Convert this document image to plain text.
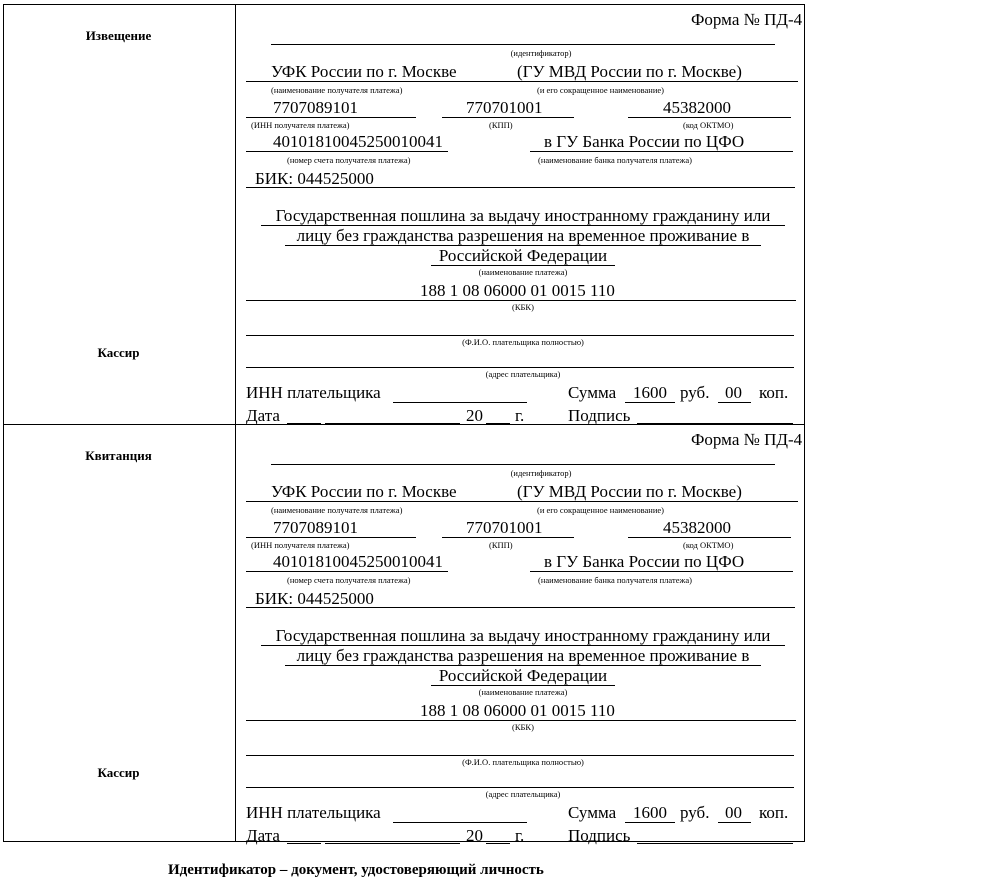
Извещение
Кассир
Форма № ПД-4
(идентификатор)
УФК России по г. Москве	(ГУ МВД России по г. Москве)
(наименование получателя платежа)	(и его сокращенное наименование)
7707089101	770701001	45382000
(ИНН получателя платежа)	(КПП)	(код ОКТМО)
40101810045250010041	в ГУ Банка России по ЦФО
(номер счета получателя платежа)	(наименование банка получателя платежа)
БИК: 044525000
Государственная пошлина за выдачу иностранному гражданину или
лицу без гражданства разрешения на временное проживание в
Российской Федерации
(наименование платежа)
188 1 08 06000 01 0015 110
(КБК)
(Ф.И.О. плательщика полностью)
(адрес плательщика)
ИНН плательщика	Сумма 1600 руб. 00 коп.
Дата	20 г.	Подпись
Квитанция
Кассир
Форма № ПД-4
(идентификатор)
УФК России по г. Москве	(ГУ МВД России по г. Москве)
(наименование получателя платежа)	(и его сокращенное наименование)
7707089101	770701001	45382000
(ИНН получателя платежа)	(КПП)	(код ОКТМО)
40101810045250010041	в ГУ Банка России по ЦФО
(номер счета получателя платежа)	(наименование банка получателя платежа)
БИК: 044525000
Государственная пошлина за выдачу иностранному гражданину или
лицу без гражданства разрешения на временное проживание в
Российской Федерации
(наименование платежа)
188 1 08 06000 01 0015 110
(КБК)
(Ф.И.О. плательщика полностью)
(адрес плательщика)
ИНН плательщика	Сумма 1600 руб. 00 коп.
Дата	20 г.	Подпись
Идентификатор – документ, удостоверяющий личность
